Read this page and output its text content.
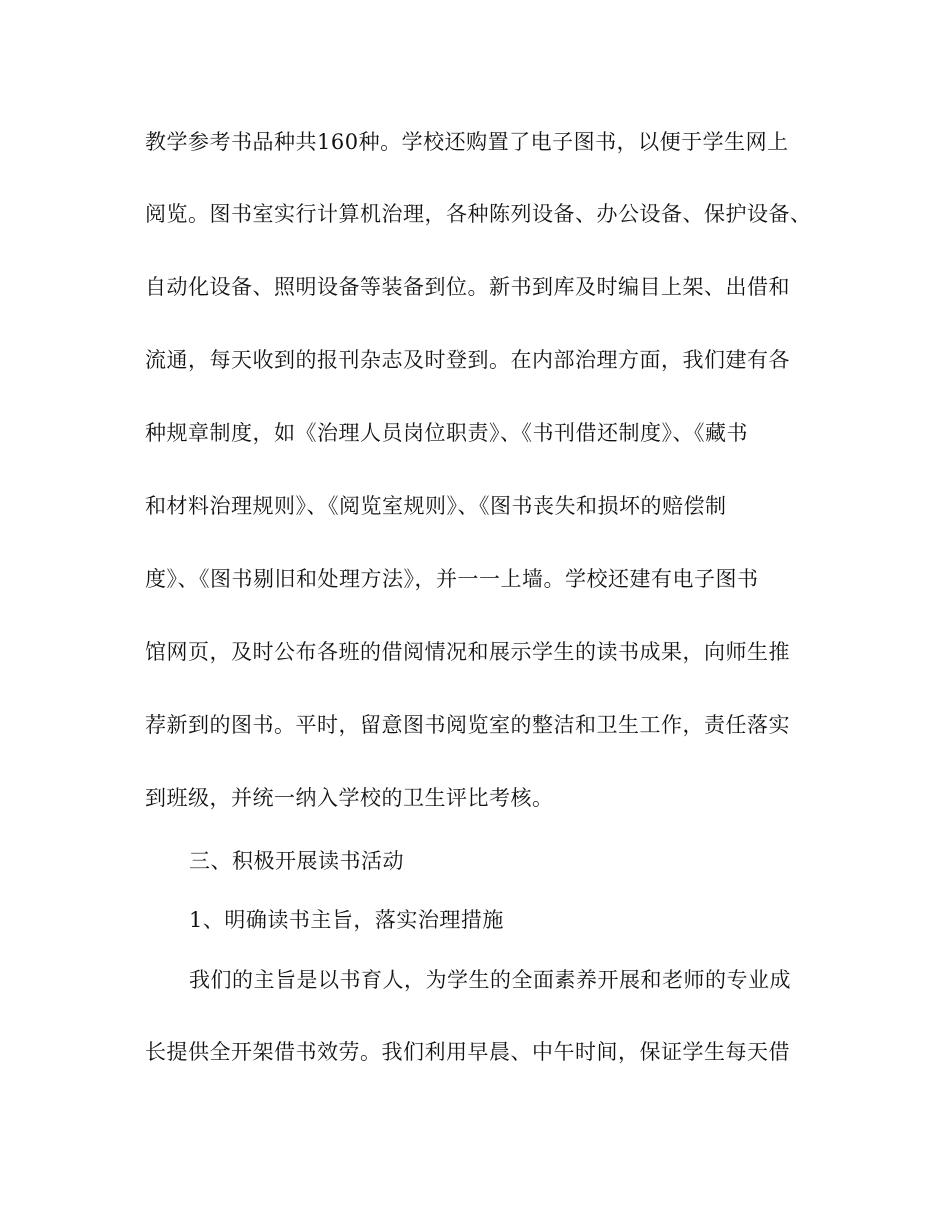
教学参考书品种共160种。学校还购置了电子图书，以便于学生网上
阅览。图书室实行计算机治理，各种陈列设备、办公设备、保护设备、
自动化设备、照明设备等装备到位。新书到库及时编目上架、出借和
流通，每天收到的报刊杂志及时登到。在内部治理方面，我们建有各
种规章制度，如《治理人员岗位职责》、《书刊借还制度》、《藏书
和材料治理规则》、《阅览室规则》、《图书丧失和损坏的赔偿制
度》、《图书剔旧和处理方法》，并一一上墙。学校还建有电子图书
馆网页，及时公布各班的借阅情况和展示学生的读书成果，向师生推
荐新到的图书。平时，留意图书阅览室的整洁和卫生工作，责任落实
到班级，并统一纳入学校的卫生评比考核。
三、积极开展读书活动
1、明确读书主旨，落实治理措施
我们的主旨是以书育人，为学生的全面素养开展和老师的专业成
长提供全开架借书效劳。我们利用早晨、中午时间，保证学生每天借
